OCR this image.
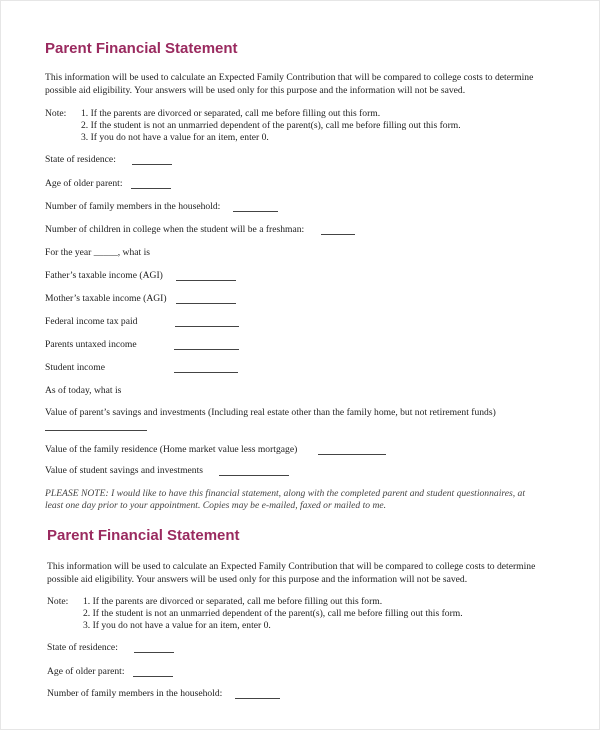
Parent Financial Statement
This information will be used to calculate an Expected Family Contribution that will be compared to college costs to determine
possible aid eligibility. Your answers will be used only for this purpose and the information will not be saved.
Note: 1. If the parents are divorced or separated, call me before filling out this form.
2. If the student is not an unmarried dependent of the parent(s), call me before filling out this form.
3. If you do not have a value for an item, enter 0.
State of residence:
Age of older parent:
Number of family members in the household:
Number of children in college when the student will be a freshman:
For the year _____, what is
Father’s taxable income (AGI)
Mother’s taxable income (AGI)
Federal income tax paid
Parents untaxed income
Student income
As of today, what is
Value of parent’s savings and investments (Including real estate other than the family home, but not retirement funds)
Value of the family residence (Home market value less mortgage)
Value of student savings and investments
PLEASE NOTE: I would like to have this financial statement, along with the completed parent and student questionnaires, at
least one day prior to your appointment. Copies may be e-mailed, faxed or mailed to me.
Parent Financial Statement
This information will be used to calculate an Expected Family Contribution that will be compared to college costs to determine
possible aid eligibility. Your answers will be used only for this purpose and the information will not be saved.
Note: 1. If the parents are divorced or separated, call me before filling out this form.
2. If the student is not an unmarried dependent of the parent(s), call me before filling out this form.
3. If you do not have a value for an item, enter 0.
State of residence:
Age of older parent:
Number of family members in the household:
